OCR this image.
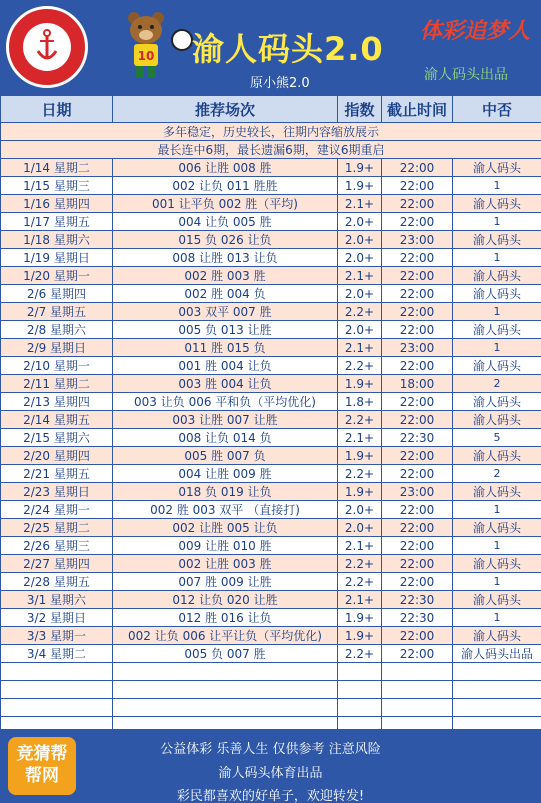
10 渝人码头2.0
原小熊2.0
体彩追梦人
渝人码头出品
日期	推荐场次	指数	截止时间	中否
多年稳定，历史较长，往期内容缩放展示				
最长连中6期，最长遗漏6期，建议6期重启				
1/14 星期二	006 让胜 008 胜	1.9+	22:00	渝人码头
1/15 星期三	002 让负 011 胜胜	1.9+	22:00	1
1/16 星期四	001 让平负 002 胜（平均)	2.1+	22:00	渝人码头
1/17 星期五	004 让负 005 胜	2.0+	22:00	1
1/18 星期六	015 负 026 让负	2.0+	23:00	渝人码头
1/19 星期日	008 让胜 013 让负	2.0+	22:00	1
1/20 星期一	002 胜 003 胜	2.1+	22:00	渝人码头
2/6 星期四	002 胜 004 负	2.0+	22:00	渝人码头
2/7 星期五	003 双平 007 胜	2.2+	22:00	1
2/8 星期六	005 负 013 让胜	2.0+	22:00	渝人码头
2/9 星期日	011 胜 015 负	2.1+	23:00	1
2/10 星期一	001 胜 004 让负	2.2+	22:00	渝人码头
2/11 星期二	003 胜 004 让负	1.9+	18:00	2
2/13 星期四	003 让负 006 平和负（平均优化)	1.8+	22:00	渝人码头
2/14 星期五	003 让胜 007 让胜	2.2+	22:00	渝人码头
2/15 星期六	008 让负 014 负	2.1+	22:30	5
2/20 星期四	005 胜 007 负	1.9+	22:00	渝人码头
2/21 星期五	004 让胜 009 胜	2.2+	22:00	2
2/23 星期日	018 负 019 让负	1.9+	23:00	渝人码头
2/24 星期一	002 胜 003 双平 （直接打)	2.0+	22:00	1
2/25 星期二	002 让胜 005 让负	2.0+	22:00	渝人码头
2/26 星期三	009 让胜 010 胜	2.1+	22:00	1
2/27 星期四	002 让胜 003 胜	2.2+	22:00	渝人码头
2/28 星期五	007 胜 009 让胜	2.2+	22:00	1
3/1 星期六	012 让负 020 让胜	2.1+	22:30	渝人码头
3/2 星期日	012 胜 016 让负	1.9+	22:30	1
3/3 星期一	002 让负 006 让平让负（平均优化)	1.9+	22:00	渝人码头
3/4 星期二	005 负 007 胜	2.2+	22:00	渝人码头出品

竞猜帮帮网
公益体彩 乐善人生 仅供参考 注意风险
渝人码头体育出品
彩民都喜欢的好单子，欢迎转发!
